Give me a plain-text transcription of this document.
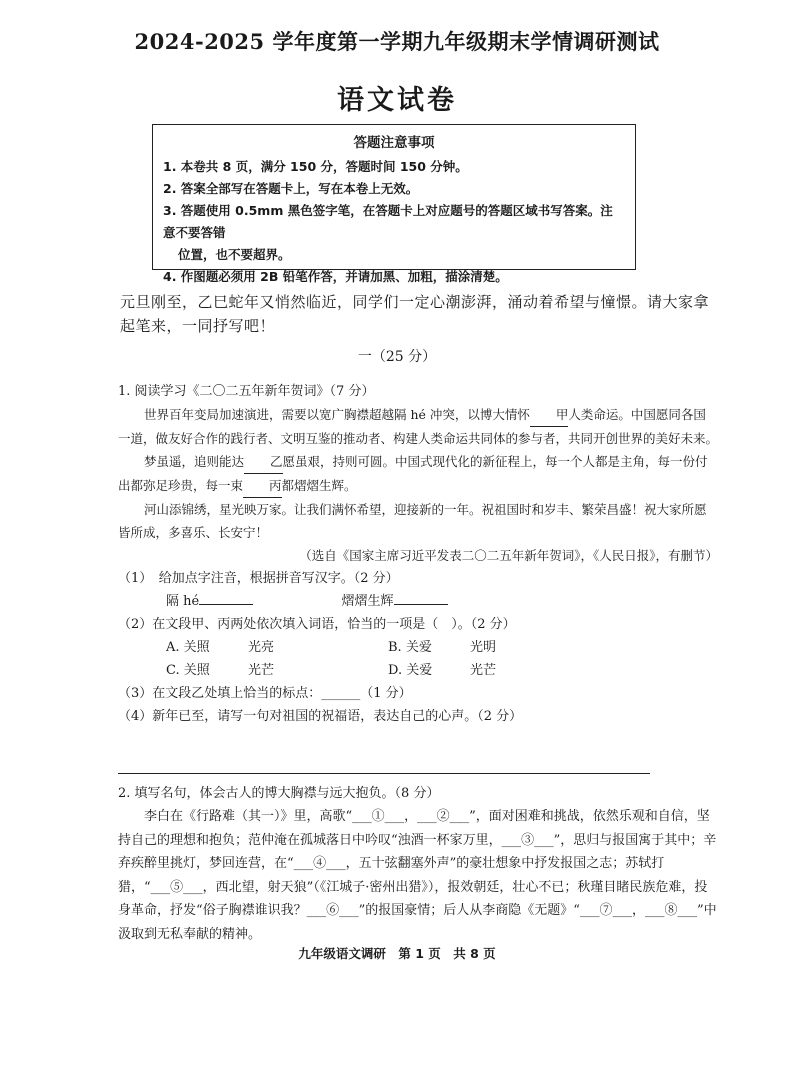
2024-2025 学年度第一学期九年级期末学情调研测试
语文试卷
答题注意事项
1. 本卷共 8 页，满分 150 分，答题时间 150 分钟。
2. 答案全部写在答题卡上，写在本卷上无效。
3. 答题使用 0.5mm 黑色签字笔，在答题卡上对应题号的答题区域书写答案。注意不要答错
位置，也不要超界。
4. 作图题必须用 2B 铅笔作答，并请加黑、加粗，描涂清楚。
元旦刚至，乙巳蛇年又悄然临近，同学们一定心潮澎湃，涌动着希望与憧憬。请大家拿起笔来，一同抒写吧！
一（25 分）

1. 阅读学习《二〇二五年新年贺词》（7 分）

世界百年变局加速演进，需要以宽广胸襟超越隔 hé 冲突，以博大情怀 甲人类命运。中国愿同各国一道，做友好合作的践行者、文明互鉴的推动者、构建人类命运共同体的参与者，共同开创世界的美好未来。

梦虽遥，追则能达 乙愿虽艰，持则可圆。中国式现代化的新征程上，每一个人都是主角，每一份付出都弥足珍贵，每一束 丙都熠熠生辉。

河山添锦绣，星光映万家。让我们满怀希望，迎接新的一年。祝祖国时和岁丰、繁荣昌盛！祝大家所愿皆所成，多喜乐、长安宁！

（选自《国家主席习近平发表二〇二五年新年贺词》，《人民日报》，有删节）

（1）　给加点字注音，根据拼音写汉字。（2 分）

隔 hé	熠熠生辉

（2）在文段甲、丙两处依次填入词语，恰当的一项是（　）。（2 分）

A. 关照	光亮	B. 关爱	光明
C. 关照	光芒	D. 关爱	光芒

（3）在文段乙处填上恰当的标点：______（1 分）

（4）新年已至，请写一句对祖国的祝福语，表达自己的心声。（2 分）

2. 填写名句，体会古人的博大胸襟与远大抱负。（8 分）

李白在《行路难（其一）》里，高歌“___①___，___②___”，面对困难和挑战，依然乐观和自信，坚持自己的理想和抱负；范仲淹在孤城落日中吟叹“浊酒一杯家万里，___③___”，思归与报国寓于其中；辛弃疾醉里挑灯，梦回连营，在“___④___，五十弦翻塞外声”的豪壮想象中抒发报国之志；苏轼打猎，“___⑤___，西北望，射天狼”（《江城子·密州出猎》），报效朝廷，壮心不已；秋瑾目睹民族危难，投身革命，抒发“俗子胸襟谁识我？___⑥___”的报国豪情；后人从李商隐《无题》“___⑦___，___⑧___”中汲取到无私奉献的精神。

九年级语文调研　第 1 页　共 8 页
